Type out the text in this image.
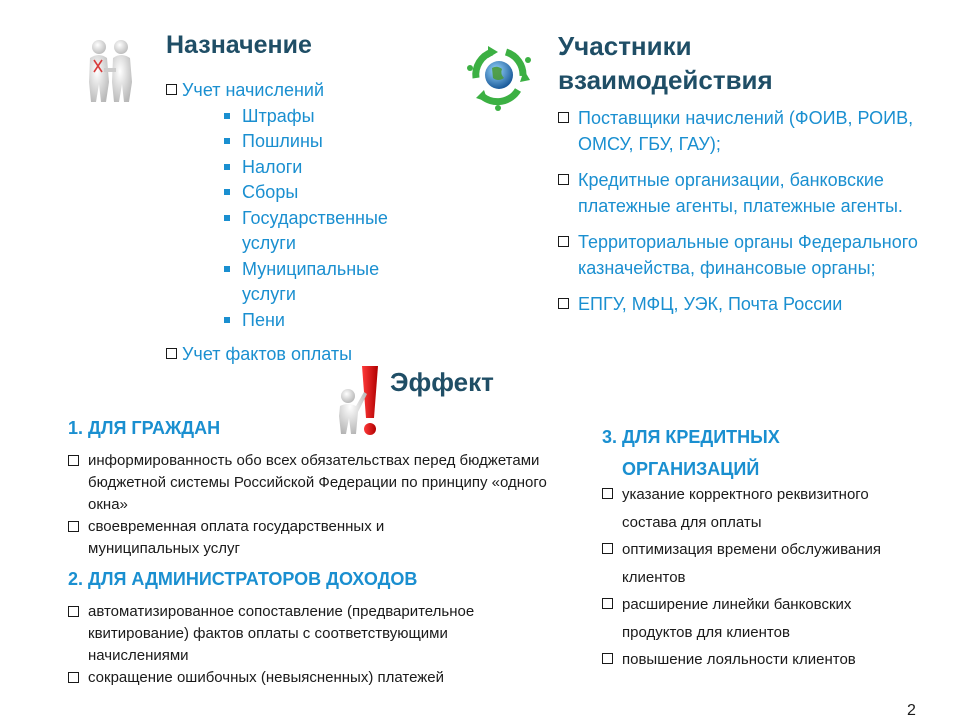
Назначение
Учет начислений
Штрафы
Пошлины
Налоги
Сборы
Государственные услуги
Муниципальные услуги
Пени
Учет фактов оплаты
Участники
взаимодействия
Поставщики начислений (ФОИВ, РОИВ, ОМСУ, ГБУ, ГАУ);
Кредитные организации, банковские платежные агенты, платежные агенты.
Территориальные органы Федерального казначейства, финансовые органы;
ЕПГУ, МФЦ, УЭК, Почта России
Эффект
1. ДЛЯ ГРАЖДАН
информированность обо всех обязательствах перед бюджетами бюджетной системы Российской Федерации по принципу «одного окна»
своевременная оплата государственных и муниципальных услуг
2. ДЛЯ АДМИНИСТРАТОРОВ ДОХОДОВ
автоматизированное сопоставление (предварительное квитирование) фактов оплаты с соответствующими начислениями
сокращение ошибочных (невыясненных) платежей
3. ДЛЯ КРЕДИТНЫХ
ОРГАНИЗАЦИЙ
указание корректного реквизитного состава для оплаты
оптимизация времени обслуживания клиентов
расширение линейки банковских продуктов для клиентов
повышение лояльности клиентов
2
